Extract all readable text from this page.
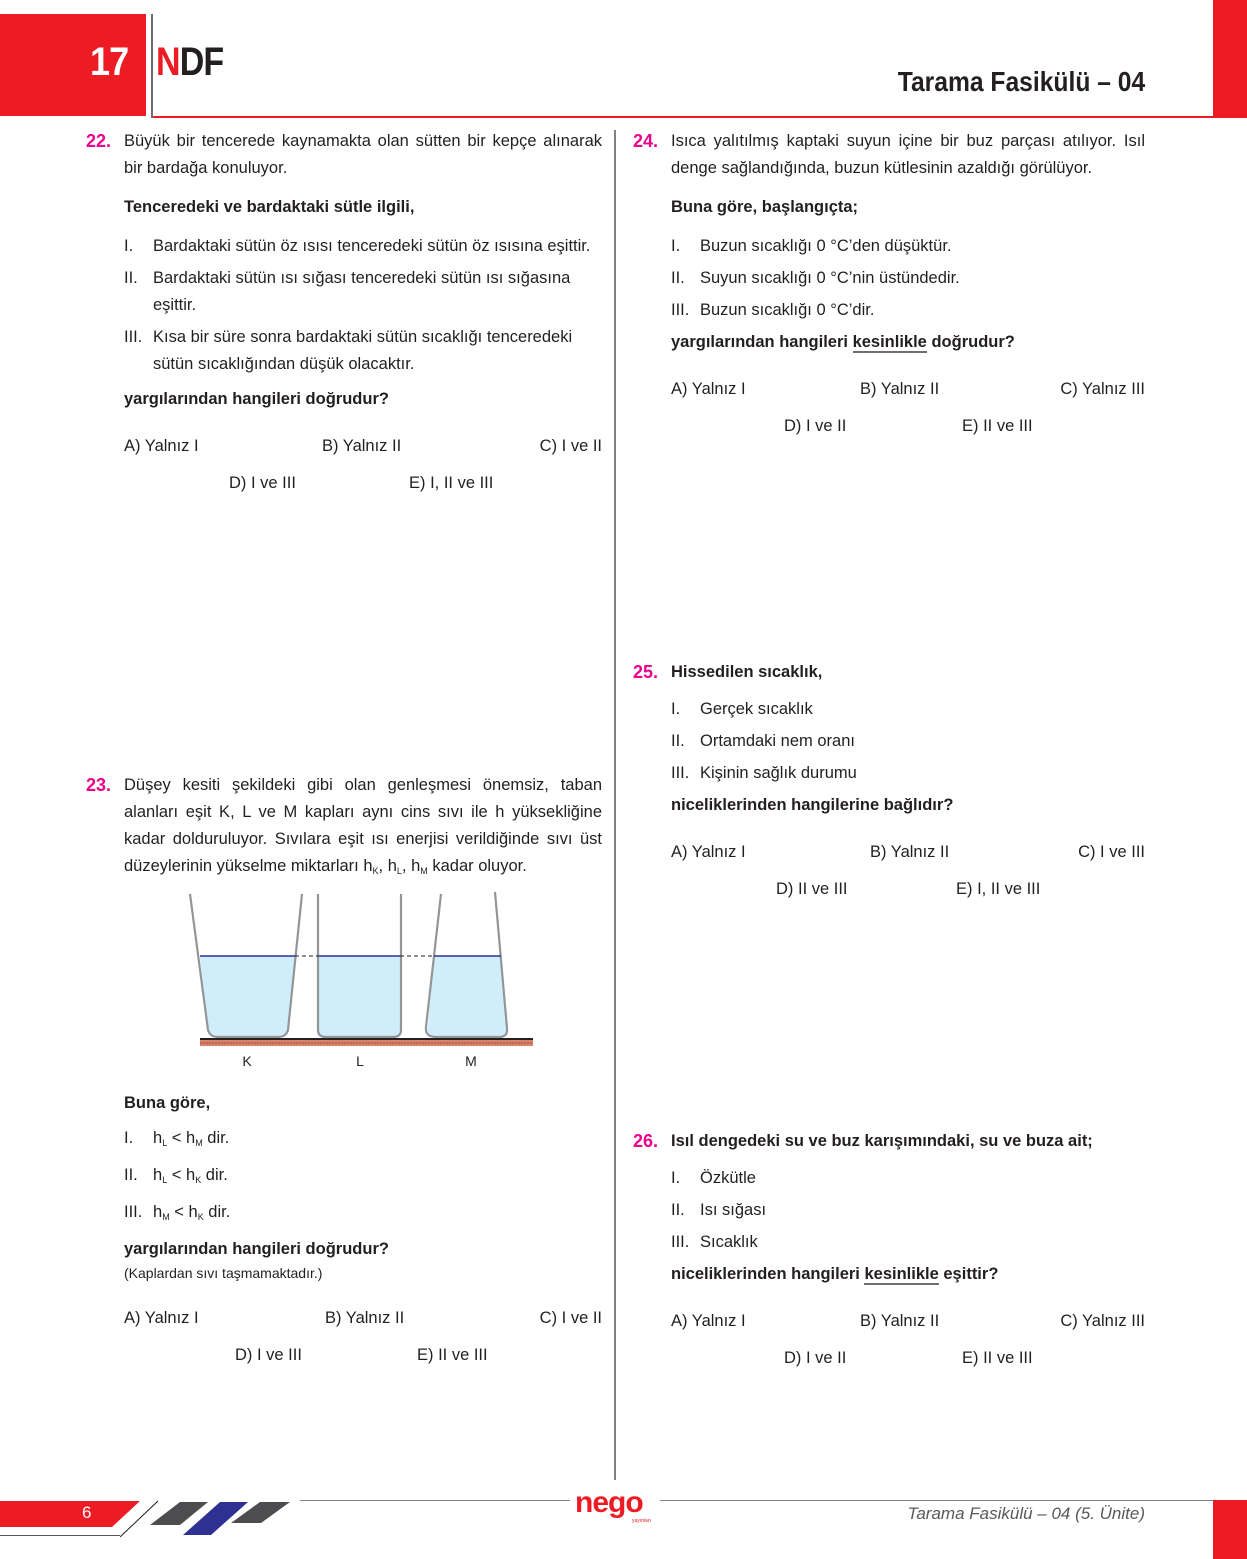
17 NDF	Tarama Fasikülü – 04
22. Büyük bir tencerede kaynamakta olan sütten bir kepçe alınarak bir bardağa konuluyor.
Tenceredeki ve bardaktaki sütle ilgili,
I. Bardaktaki sütün öz ısısı tenceredeki sütün öz ısısına eşittir.
II. Bardaktaki sütün ısı sığası tenceredeki sütün ısı sığasına eşittir.
III. Kısa bir süre sonra bardaktaki sütün sıcaklığı tenceredeki sütün sıcaklığından düşük olacaktır.
yargılarından hangileri doğrudur?
A) Yalnız I	B) Yalnız II	C) I ve II
D) I ve III	E) I, II ve III
23. Düşey kesiti şekildeki gibi olan genleşmesi önemsiz, taban alanları eşit K, L ve M kapları aynı cins sıvı ile h yüksekliğine kadar dolduruluyor. Sıvılara eşit ısı enerjisi verildiğinde sıvı üst düzeylerinin yükselme miktarları $h_K$, $h_L$, $h_M$ kadar oluyor.
K	L	M
Buna göre,
I. $h_L < h_M$ dir.
II. $h_L < h_K$ dir.
III. $h_M < h_K$ dir.
yargılarından hangileri doğrudur?
(Kaplardan sıvı taşmamaktadır.)
A) Yalnız I	B) Yalnız II	C) I ve II
D) I ve III	E) II ve III
24. Isıca yalıtılmış kaptaki suyun içine bir buz parçası atılıyor. Isıl denge sağlandığında, buzun kütlesinin azaldığı görülüyor.
Buna göre, başlangıçta;
I. Buzun sıcaklığı 0 °C’den düşüktür.
II. Suyun sıcaklığı 0 °C’nin üstündedir.
III. Buzun sıcaklığı 0 °C’dir.
yargılarından hangileri kesinlikle doğrudur?
A) Yalnız I	B) Yalnız II	C) Yalnız III
D) I ve II	E) II ve III
25. Hissedilen sıcaklık,
I. Gerçek sıcaklık
II. Ortamdaki nem oranı
III. Kişinin sağlık durumu
niceliklerinden hangilerine bağlıdır?
A) Yalnız I	B) Yalnız II	C) I ve III
D) II ve III	E) I, II ve III
26. Isıl dengedeki su ve buz karışımındaki, su ve buza ait;
I. Özkütle
II. Isı sığası
III. Sıcaklık
niceliklerinden hangileri kesinlikle eşittir?
A) Yalnız I	B) Yalnız II	C) Yalnız III
D) I ve II	E) II ve III
6	nego
yayınları	Tarama Fasikülü – 04 (5. Ünite)
